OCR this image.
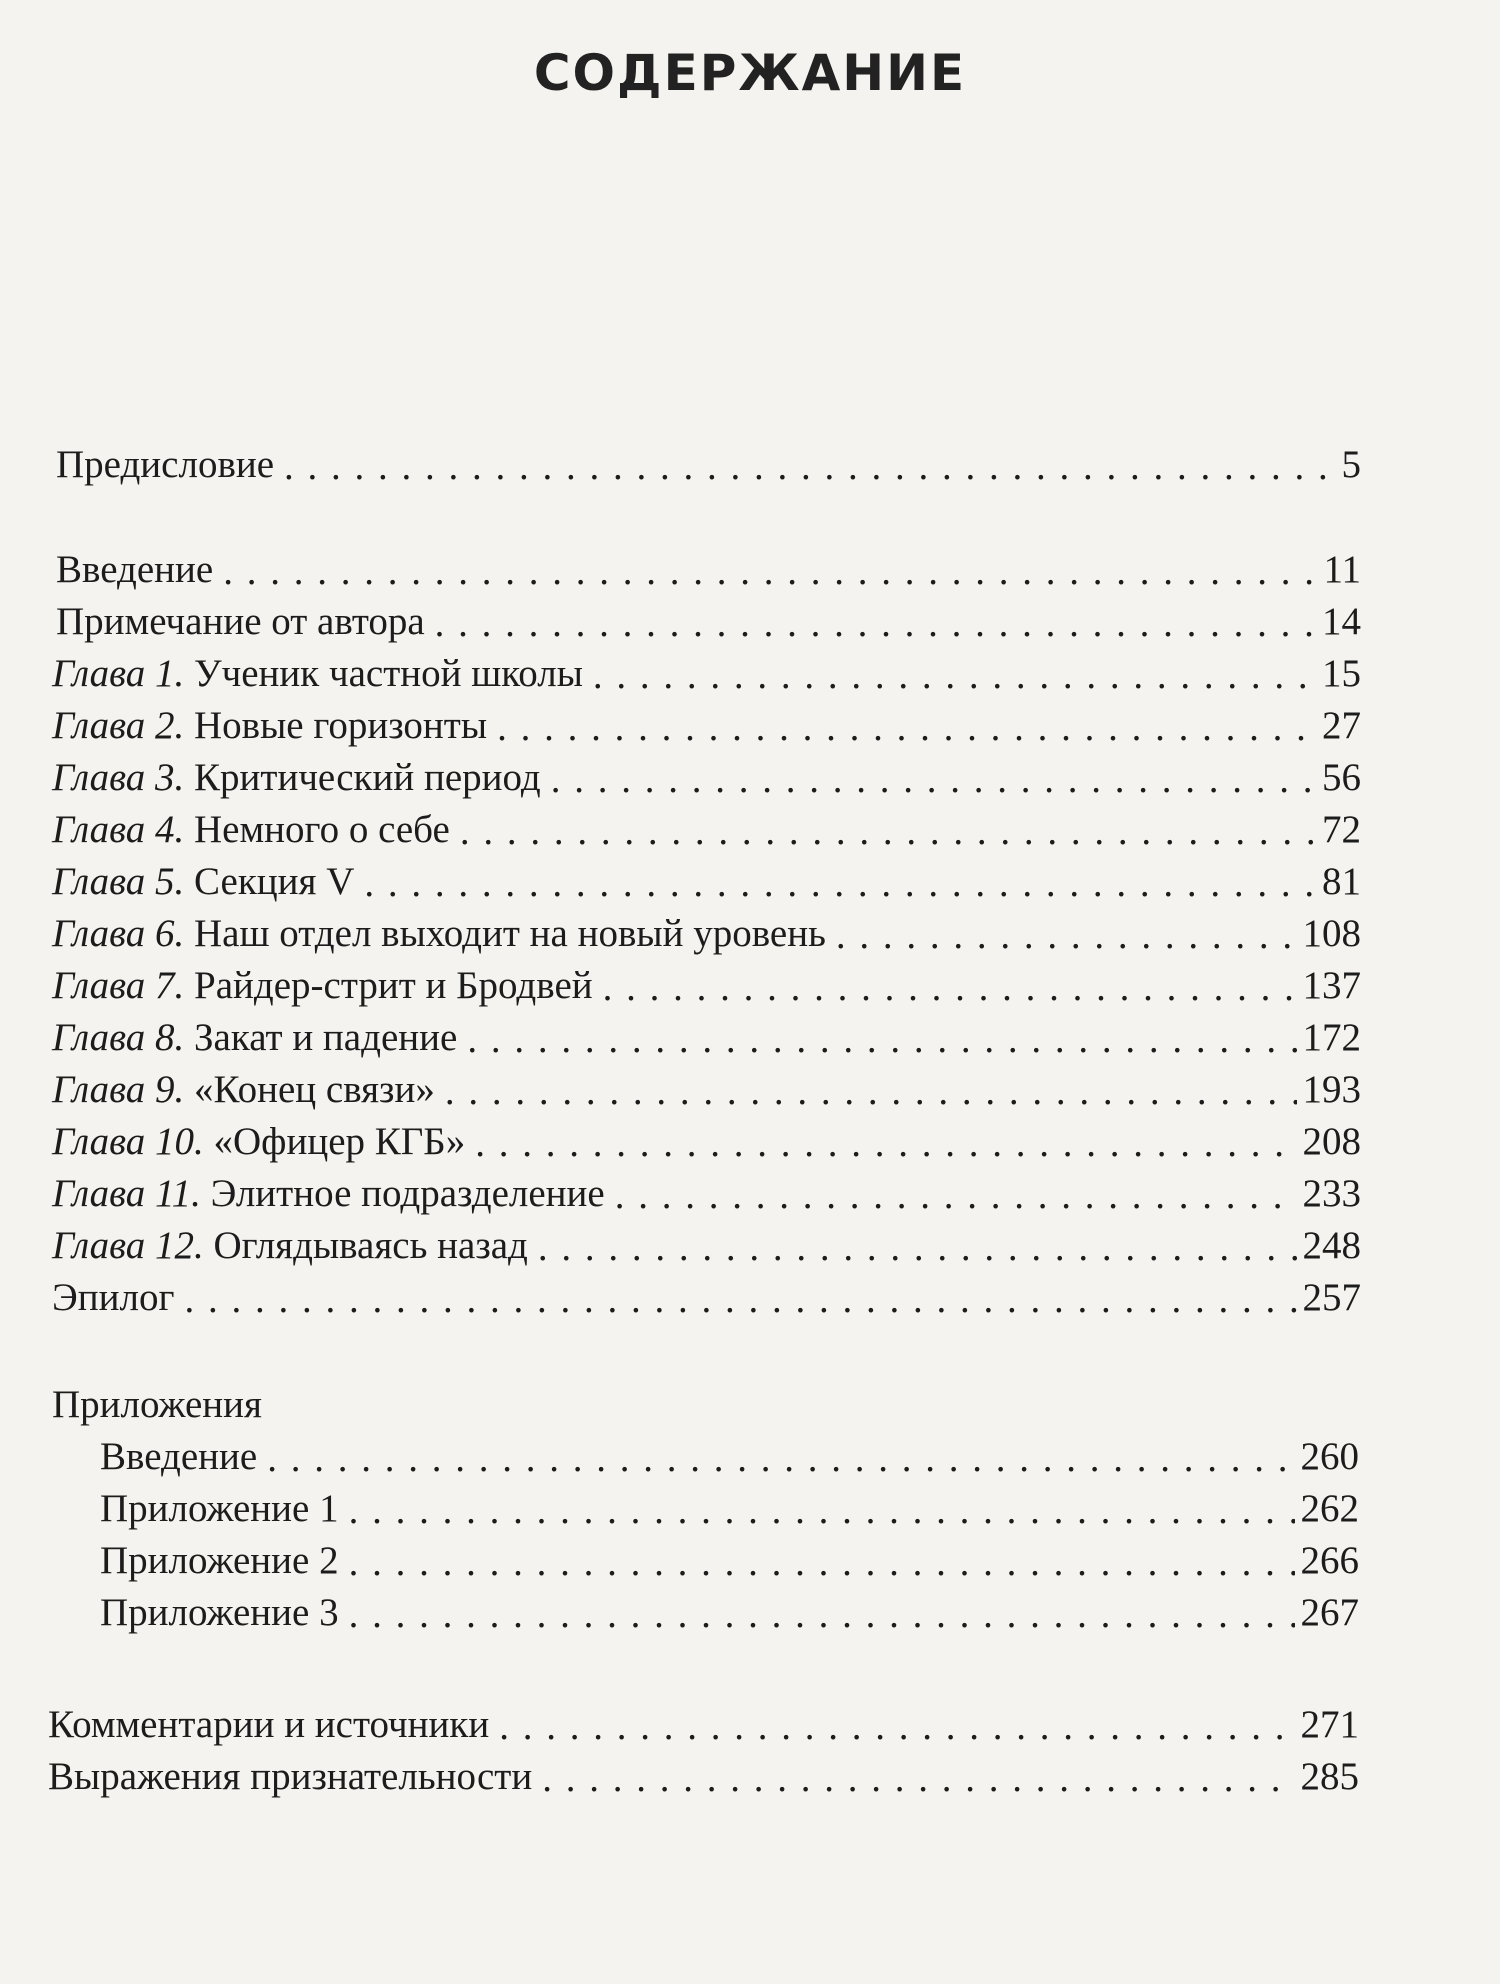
СОДЕРЖАНИЕ
Предисловие . . .	5
Введение . . .	11
Примечание от автора . . .	14
Глава 1. Ученик частной школы . . .	15
Глава 2. Новые горизонты . . .	27
Глава 3. Критический период . . .	56
Глава 4. Немного о себе . . .	72
Глава 5. Секция V . . .	81
Глава 6. Наш отдел выходит на новый уровень . . .	108
Глава 7. Райдер-стрит и Бродвей . . .	137
Глава 8. Закат и падение . . .	172
Глава 9. «Конец связи» . . .	193
Глава 10. «Офицер КГБ» . . .	208
Глава 11. Элитное подразделение . . .	233
Глава 12. Оглядываясь назад . . .	248
Эпилог . . .	257
Приложения
Введение . . .	260
Приложение 1 . . .	262
Приложение 2 . . .	266
Приложение 3 . . .	267
Комментарии и источники . . .	271
Выражения признательности . . .	285
